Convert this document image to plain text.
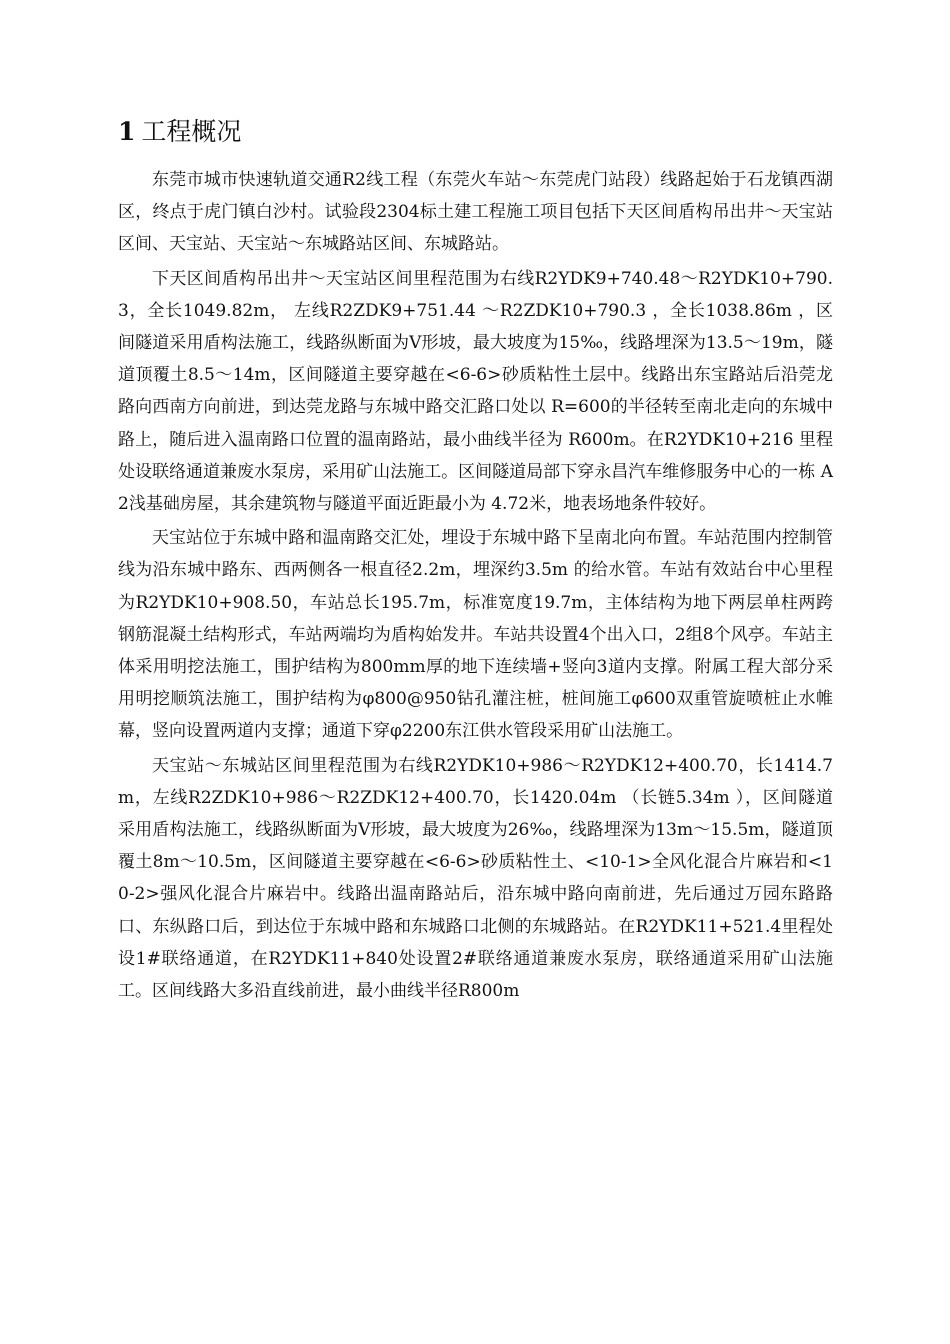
1 工程概况

东莞市城市快速轨道交通R2线工程（东莞火车站～东莞虎门站段）线路起始于石龙镇西湖区，终点于虎门镇白沙村。试验段2304标土建工程施工项目包括下天区间盾构吊出井～天宝站区间、天宝站、天宝站～东城路站区间、东城路站。

下天区间盾构吊出井～天宝站区间里程范围为右线R2YDK9+740.48～R2YDK10+790.3，全长1049.82m， 左线R2ZDK9+751.44 ～R2ZDK10+790.3 ，全长1038.86m ，区间隧道采用盾构法施工，线路纵断面为V形坡，最大坡度为15‰，线路埋深为13.5～19m，隧道顶覆土8.5～14m，区间隧道主要穿越在<6-6>砂质粘性土层中。线路出东宝路站后沿莞龙路向西南方向前进，到达莞龙路与东城中路交汇路口处以 R=600的半径转至南北走向的东城中路上，随后进入温南路口位置的温南路站，最小曲线半径为 R600m。在R2YDK10+216 里程处设联络通道兼废水泵房，采用矿山法施工。区间隧道局部下穿永昌汽车维修服务中心的一栋 A2浅基础房屋，其余建筑物与隧道平面近距最小为 4.72米，地表场地条件较好。

天宝站位于东城中路和温南路交汇处，埋设于东城中路下呈南北向布置。车站范围内控制管线为沿东城中路东、西两侧各一根直径2.2m，埋深约3.5m 的给水管。车站有效站台中心里程为R2YDK10+908.50，车站总长195.7m，标准宽度19.7m，主体结构为地下两层单柱两跨钢筋混凝土结构形式，车站两端均为盾构始发井。车站共设置4个出入口，2组8个风亭。车站主体采用明挖法施工，围护结构为800mm厚的地下连续墙+竖向3道内支撑。附属工程大部分采用明挖顺筑法施工，围护结构为φ800@950钻孔灌注桩，桩间施工φ600双重管旋喷桩止水帷幕，竖向设置两道内支撑；通道下穿φ2200东江供水管段采用矿山法施工。

天宝站～东城站区间里程范围为右线R2YDK10+986～R2YDK12+400.70，长1414.7m，左线R2ZDK10+986～R2ZDK12+400.70，长1420.04m （长链5.34m ），区间隧道采用盾构法施工，线路纵断面为V形坡，最大坡度为26‰，线路埋深为13m～15.5m，隧道顶覆土8m～10.5m，区间隧道主要穿越在<6-6>砂质粘性土、<10-1>全风化混合片麻岩和<10-2>强风化混合片麻岩中。线路出温南路站后，沿东城中路向南前进，先后通过万园东路路口、东纵路口后，到达位于东城中路和东城路口北侧的东城路站。在R2YDK11+521.4里程处设1#联络通道，在R2YDK11+840处设置2#联络通道兼废水泵房，联络通道采用矿山法施工。区间线路大多沿直线前进，最小曲线半径R800m
